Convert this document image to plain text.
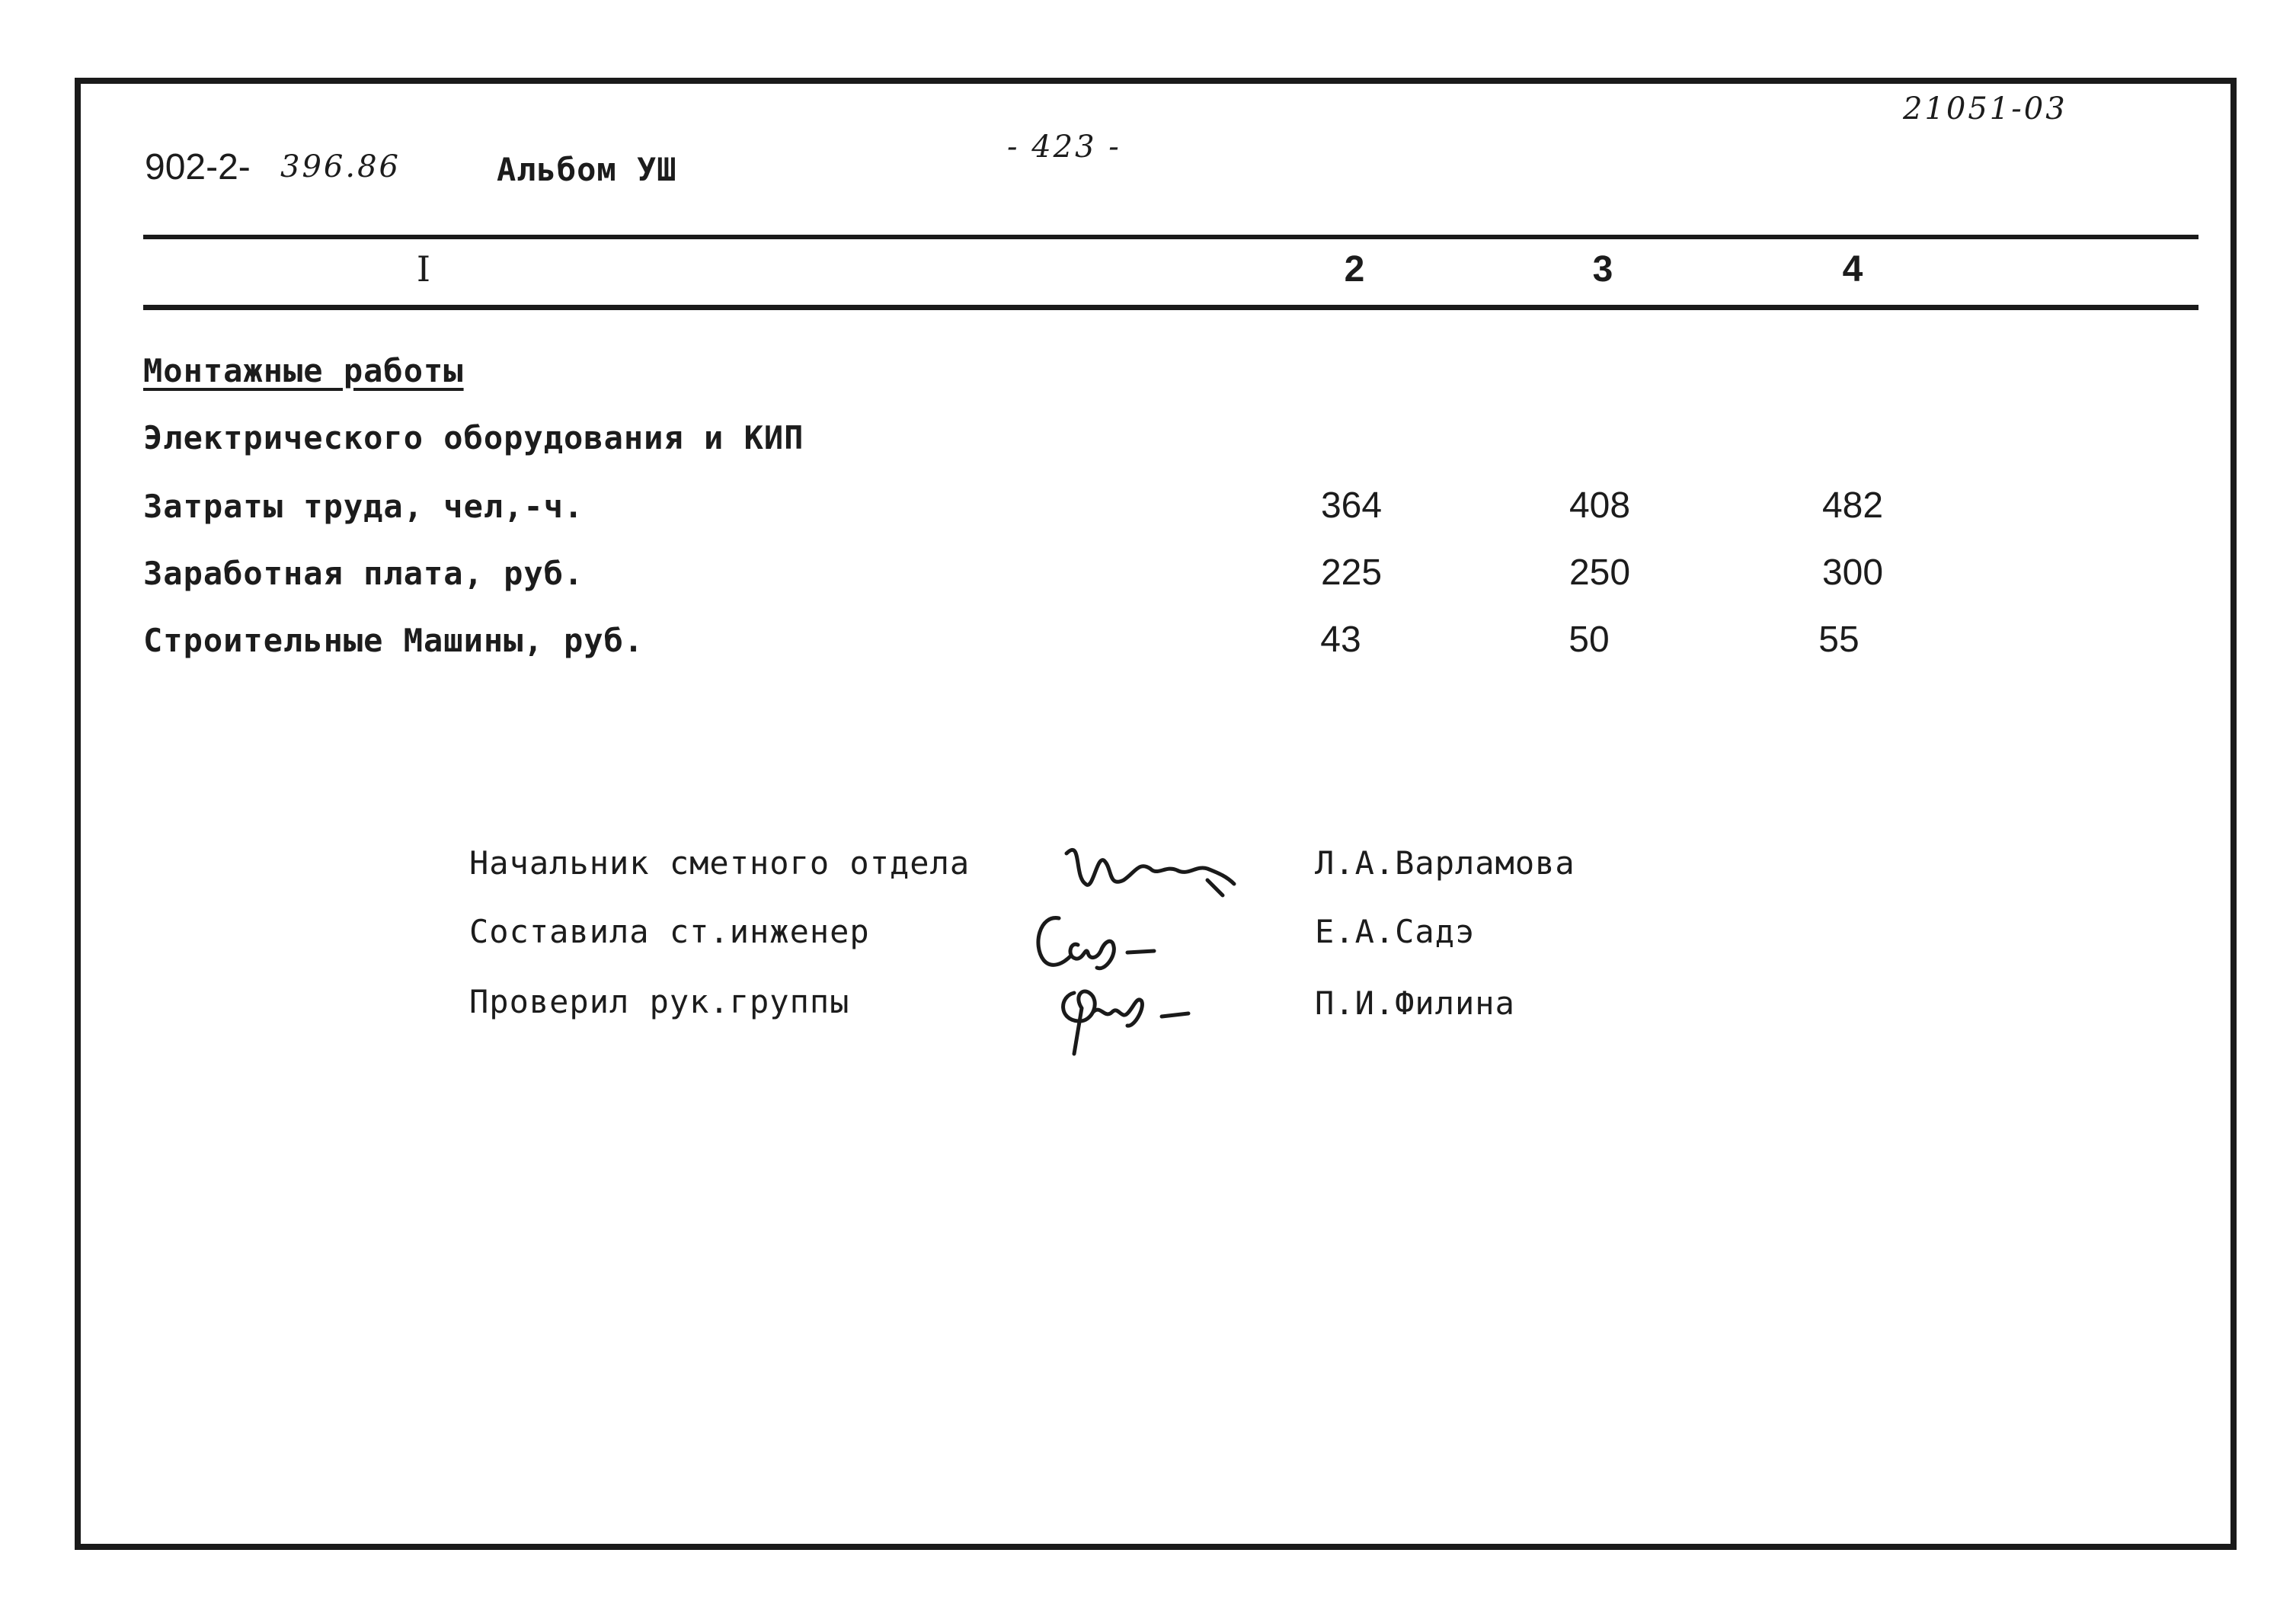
902-2- 396.86	Альбом УШ
- 423 -
21051-03
I	2	3	4
Монтажные работы
Электрического оборудования и КИП
Затраты труда, чел,-ч.	364	408	482
Заработная плата, руб.	225	250	300
Строительные Машины, руб.	43	50	55
Начальник сметного отдела	Л.А.Варламова
Составила ст.инженер	Е.А.Садэ
Проверил рук.группы	П.И.Филина
